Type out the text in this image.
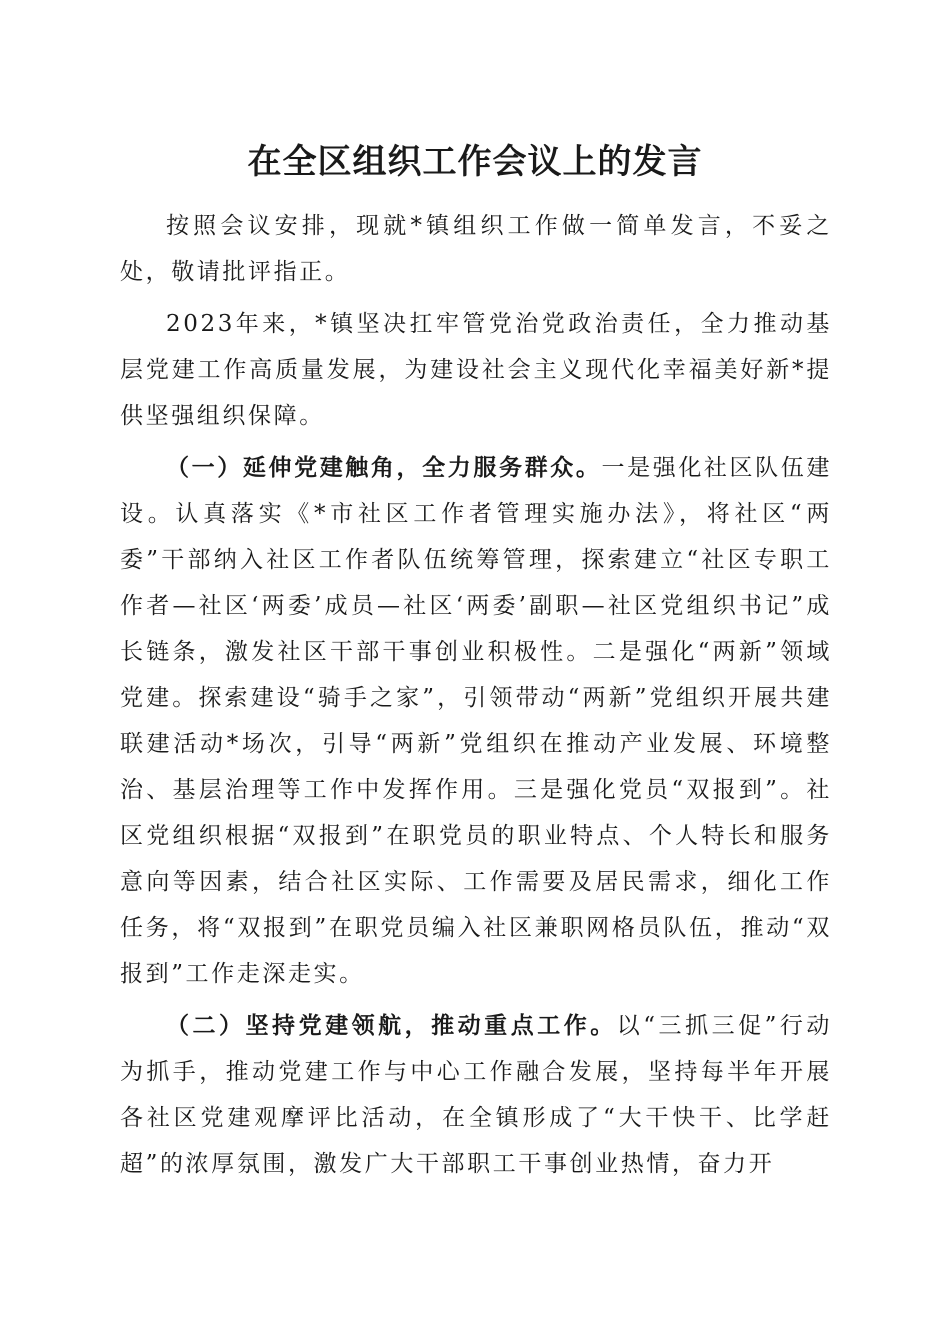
在全区组织工作会议上的发言

按照会议安排，现就*镇组织工作做一简单发言，不妥之处，敬请批评指正。

2023年来，*镇坚决扛牢管党治党政治责任，全力推动基层党建工作高质量发展，为建设社会主义现代化幸福美好新*提供坚强组织保障。

（一）延伸党建触角，全力服务群众。一是强化社区队伍建设。认真落实《*市社区工作者管理实施办法》，将社区“两委”干部纳入社区工作者队伍统筹管理，探索建立“社区专职工作者—社区‘两委’成员—社区‘两委’副职—社区党组织书记”成长链条，激发社区干部干事创业积极性。二是强化“两新”领域党建。探索建设“骑手之家”，引领带动“两新”党组织开展共建联建活动*场次，引导“两新”党组织在推动产业发展、环境整治、基层治理等工作中发挥作用。三是强化党员“双报到”。社区党组织根据“双报到”在职党员的职业特点、个人特长和服务意向等因素，结合社区实际、工作需要及居民需求，细化工作任务，将“双报到”在职党员编入社区兼职网格员队伍，推动“双报到”工作走深走实。

（二）坚持党建领航，推动重点工作。以“三抓三促”行动为抓手，推动党建工作与中心工作融合发展，坚持每半年开展各社区党建观摩评比活动，在全镇形成了“大干快干、比学赶超”的浓厚氛围，激发广大干部职工干事创业热情，奋力开
